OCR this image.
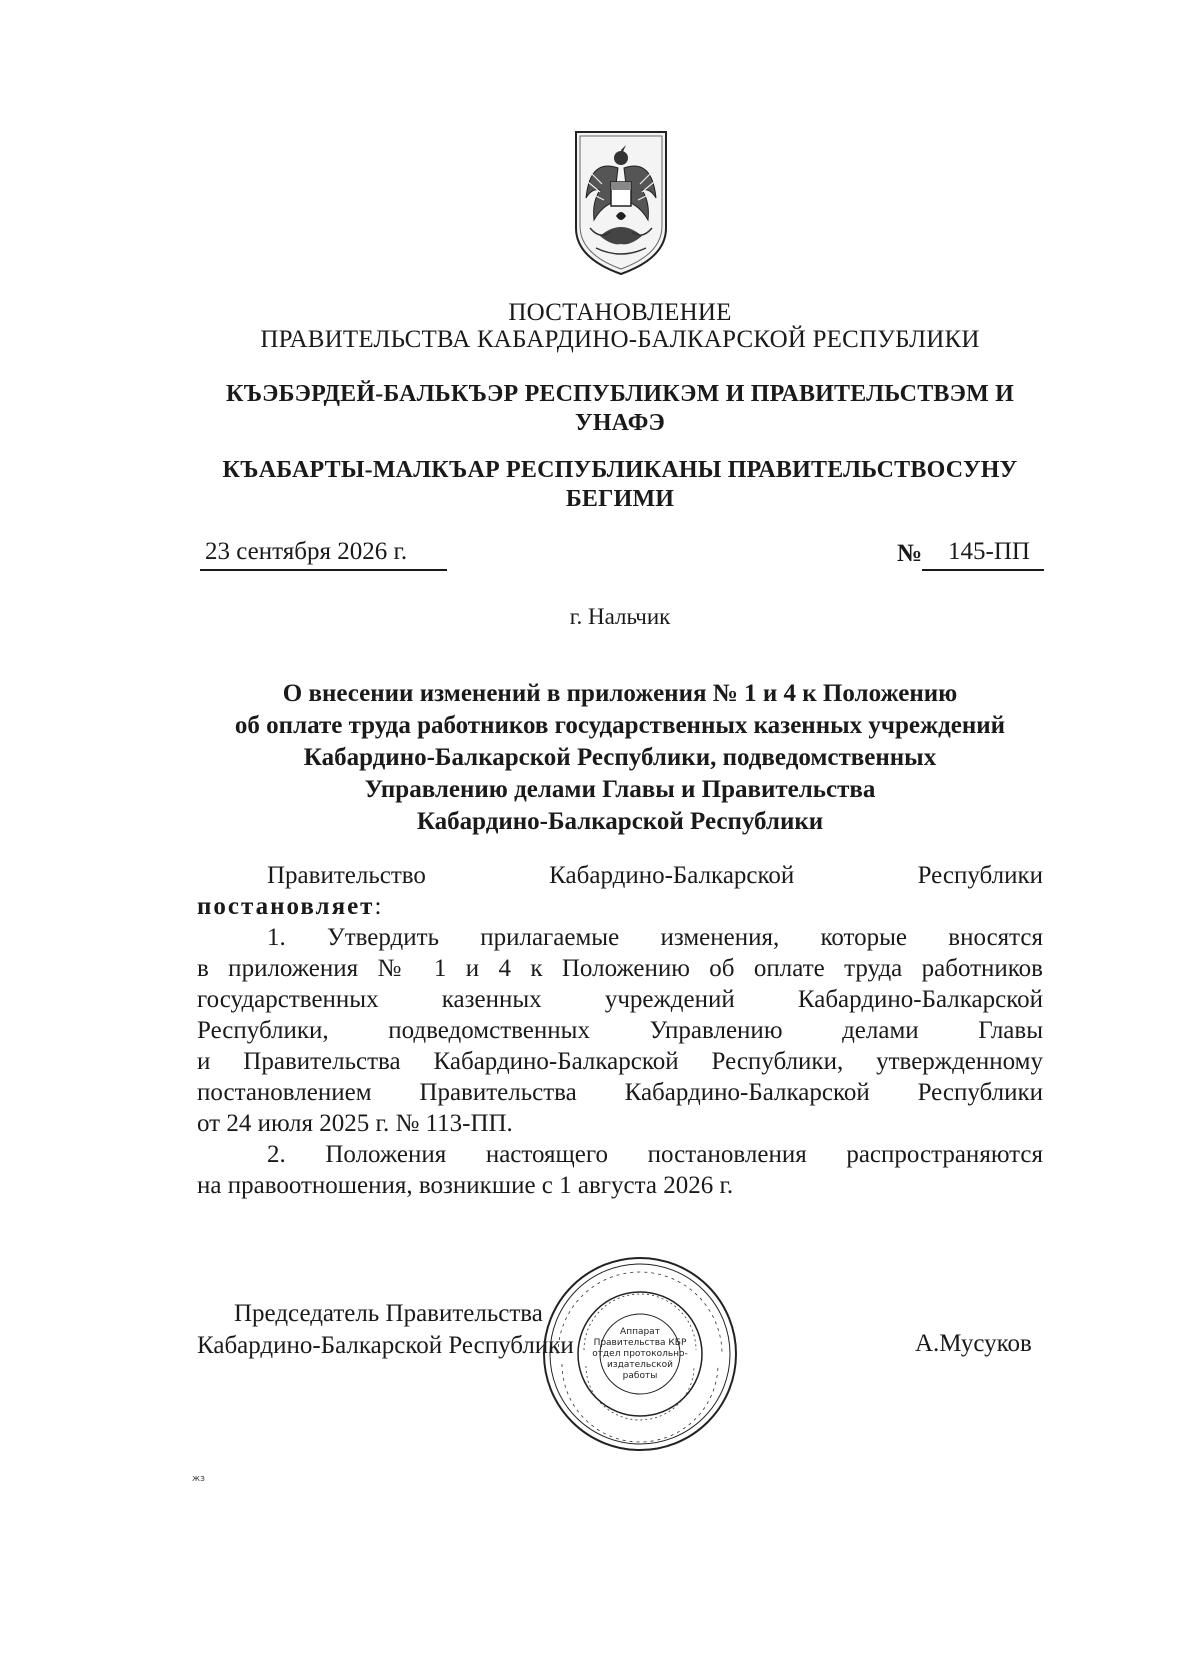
ПОСТАНОВЛЕНИЕ
ПРАВИТЕЛЬСТВА КАБАРДИНО-БАЛКАРСКОЙ РЕСПУБЛИКИ
КЪЭБЭРДЕЙ-БАЛЬКЪЭР РЕСПУБЛИКЭМ И ПРАВИТЕЛЬСТВЭМ И
УНАФЭ
КЪАБАРТЫ-МАЛКЪАР РЕСПУБЛИКАНЫ ПРАВИТЕЛЬСТВОСУНУ
БЕГИМИ
23 сентября 2026 г.	№ 145-ПП
г. Нальчик
О внесении изменений в приложения № 1 и 4 к Положению
об оплате труда работников государственных казенных учреждений
Кабардино-Балкарской Республики, подведомственных
Управлению делами Главы и Правительства
Кабардино-Балкарской Республики
Правительство Кабардино-Балкарской Республики
постановляет:
1. Утвердить прилагаемые изменения, которые вносятся
в приложения № 1 и 4 к Положению об оплате труда работников
государственных казенных учреждений Кабардино-Балкарской
Республики, подведомственных Управлению делами Главы
и Правительства Кабардино-Балкарской Республики, утвержденному
постановлением Правительства Кабардино-Балкарской Республики
от 24 июля 2025 г. № 113-ПП.
2. Положения настоящего постановления распространяются
на правоотношения, возникшие с 1 августа 2026 г.
Председатель Правительства
Кабардино-Балкарской Республики	А.Мусуков
Аппарат
Правительства КБР
отдел протокольно-
издательской
работы
жз
